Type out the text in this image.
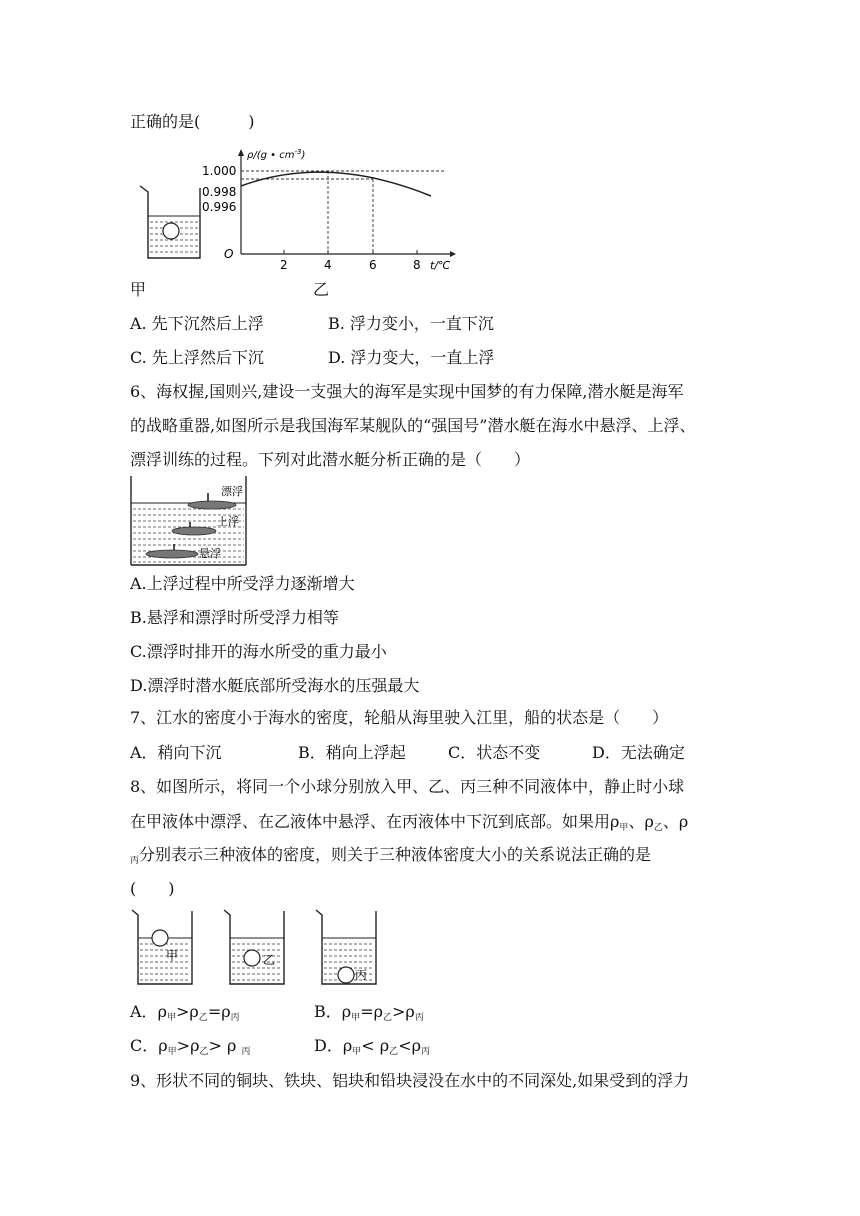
正确的是(　　　)
ρ/(g • $cm^{-3}$)
1.000
0.998
0.996
O
2	4	6	8 t/℃
甲	乙
A. 先下沉然后上浮	B. 浮力变小，一直下沉
C. 先上浮然后下沉	D. 浮力变大，一直上浮
6、海权握,国则兴,建设一支强大的海军是实现中国梦的有力保障,潜水艇是海军
的战略重器,如图所示是我国海军某舰队的“强国号”潜水艇在海水中悬浮、上浮、
漂浮训练的过程。下列对此潜水艇分析正确的是（　　）
漂浮
上浮
悬浮
A.上浮过程中所受浮力逐渐增大
B.悬浮和漂浮时所受浮力相等
C.漂浮时排开的海水所受的重力最小
D.漂浮时潜水艇底部所受海水的压强最大
7、江水的密度小于海水的密度，轮船从海里驶入江里，船的状态是（　　）
A．稍向下沉	B．稍向上浮起	C．状态不变	D．无法确定
8、如图所示，将同一个小球分别放入甲、乙、丙三种不同液体中，静止时小球
在甲液体中漂浮、在乙液体中悬浮、在丙液体中下沉到底部。如果用$\rho_甲$、$\rho_乙$、ρ
$_丙$分别表示三种液体的密度，则关于三种液体密度大小的关系说法正确的是
(　　)
甲	乙
丙
A．$\rho_甲>\rho_乙=\rho_丙$	B．$\rho_甲=\rho_乙>\rho_丙$
C．$\rho_甲>\rho_乙> \rho$ $_丙$	D．$\rho_甲< \rho_乙<\rho_丙$
9、形状不同的铜块、铁块、铝块和铅块浸没在水中的不同深处,如果受到的浮力
